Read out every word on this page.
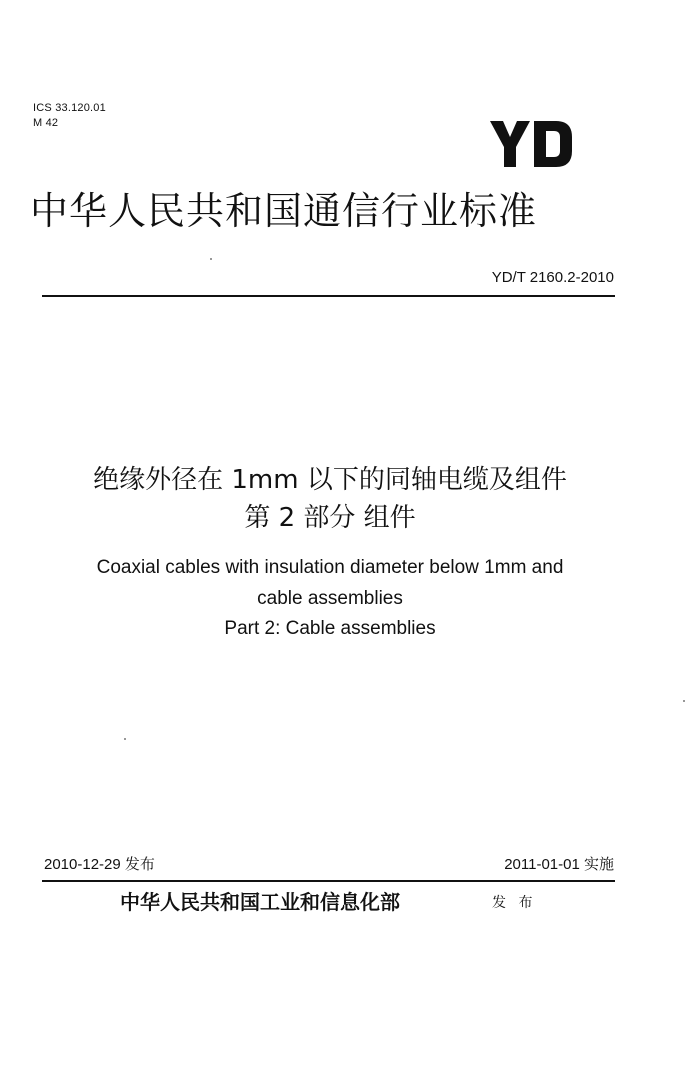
ICS 33.120.01
M 42
中华人民共和国通信行业标准
YD/T 2160.2-2010
绝缘外径在 1mm 以下的同轴电缆及组件
第 2 部分 组件
Coaxial cables with insulation diameter below 1mm and
cable assemblies
Part 2: Cable assemblies
2010-12-29 发布	2011-01-01 实施
中华人民共和国工业和信息化部	发 布
